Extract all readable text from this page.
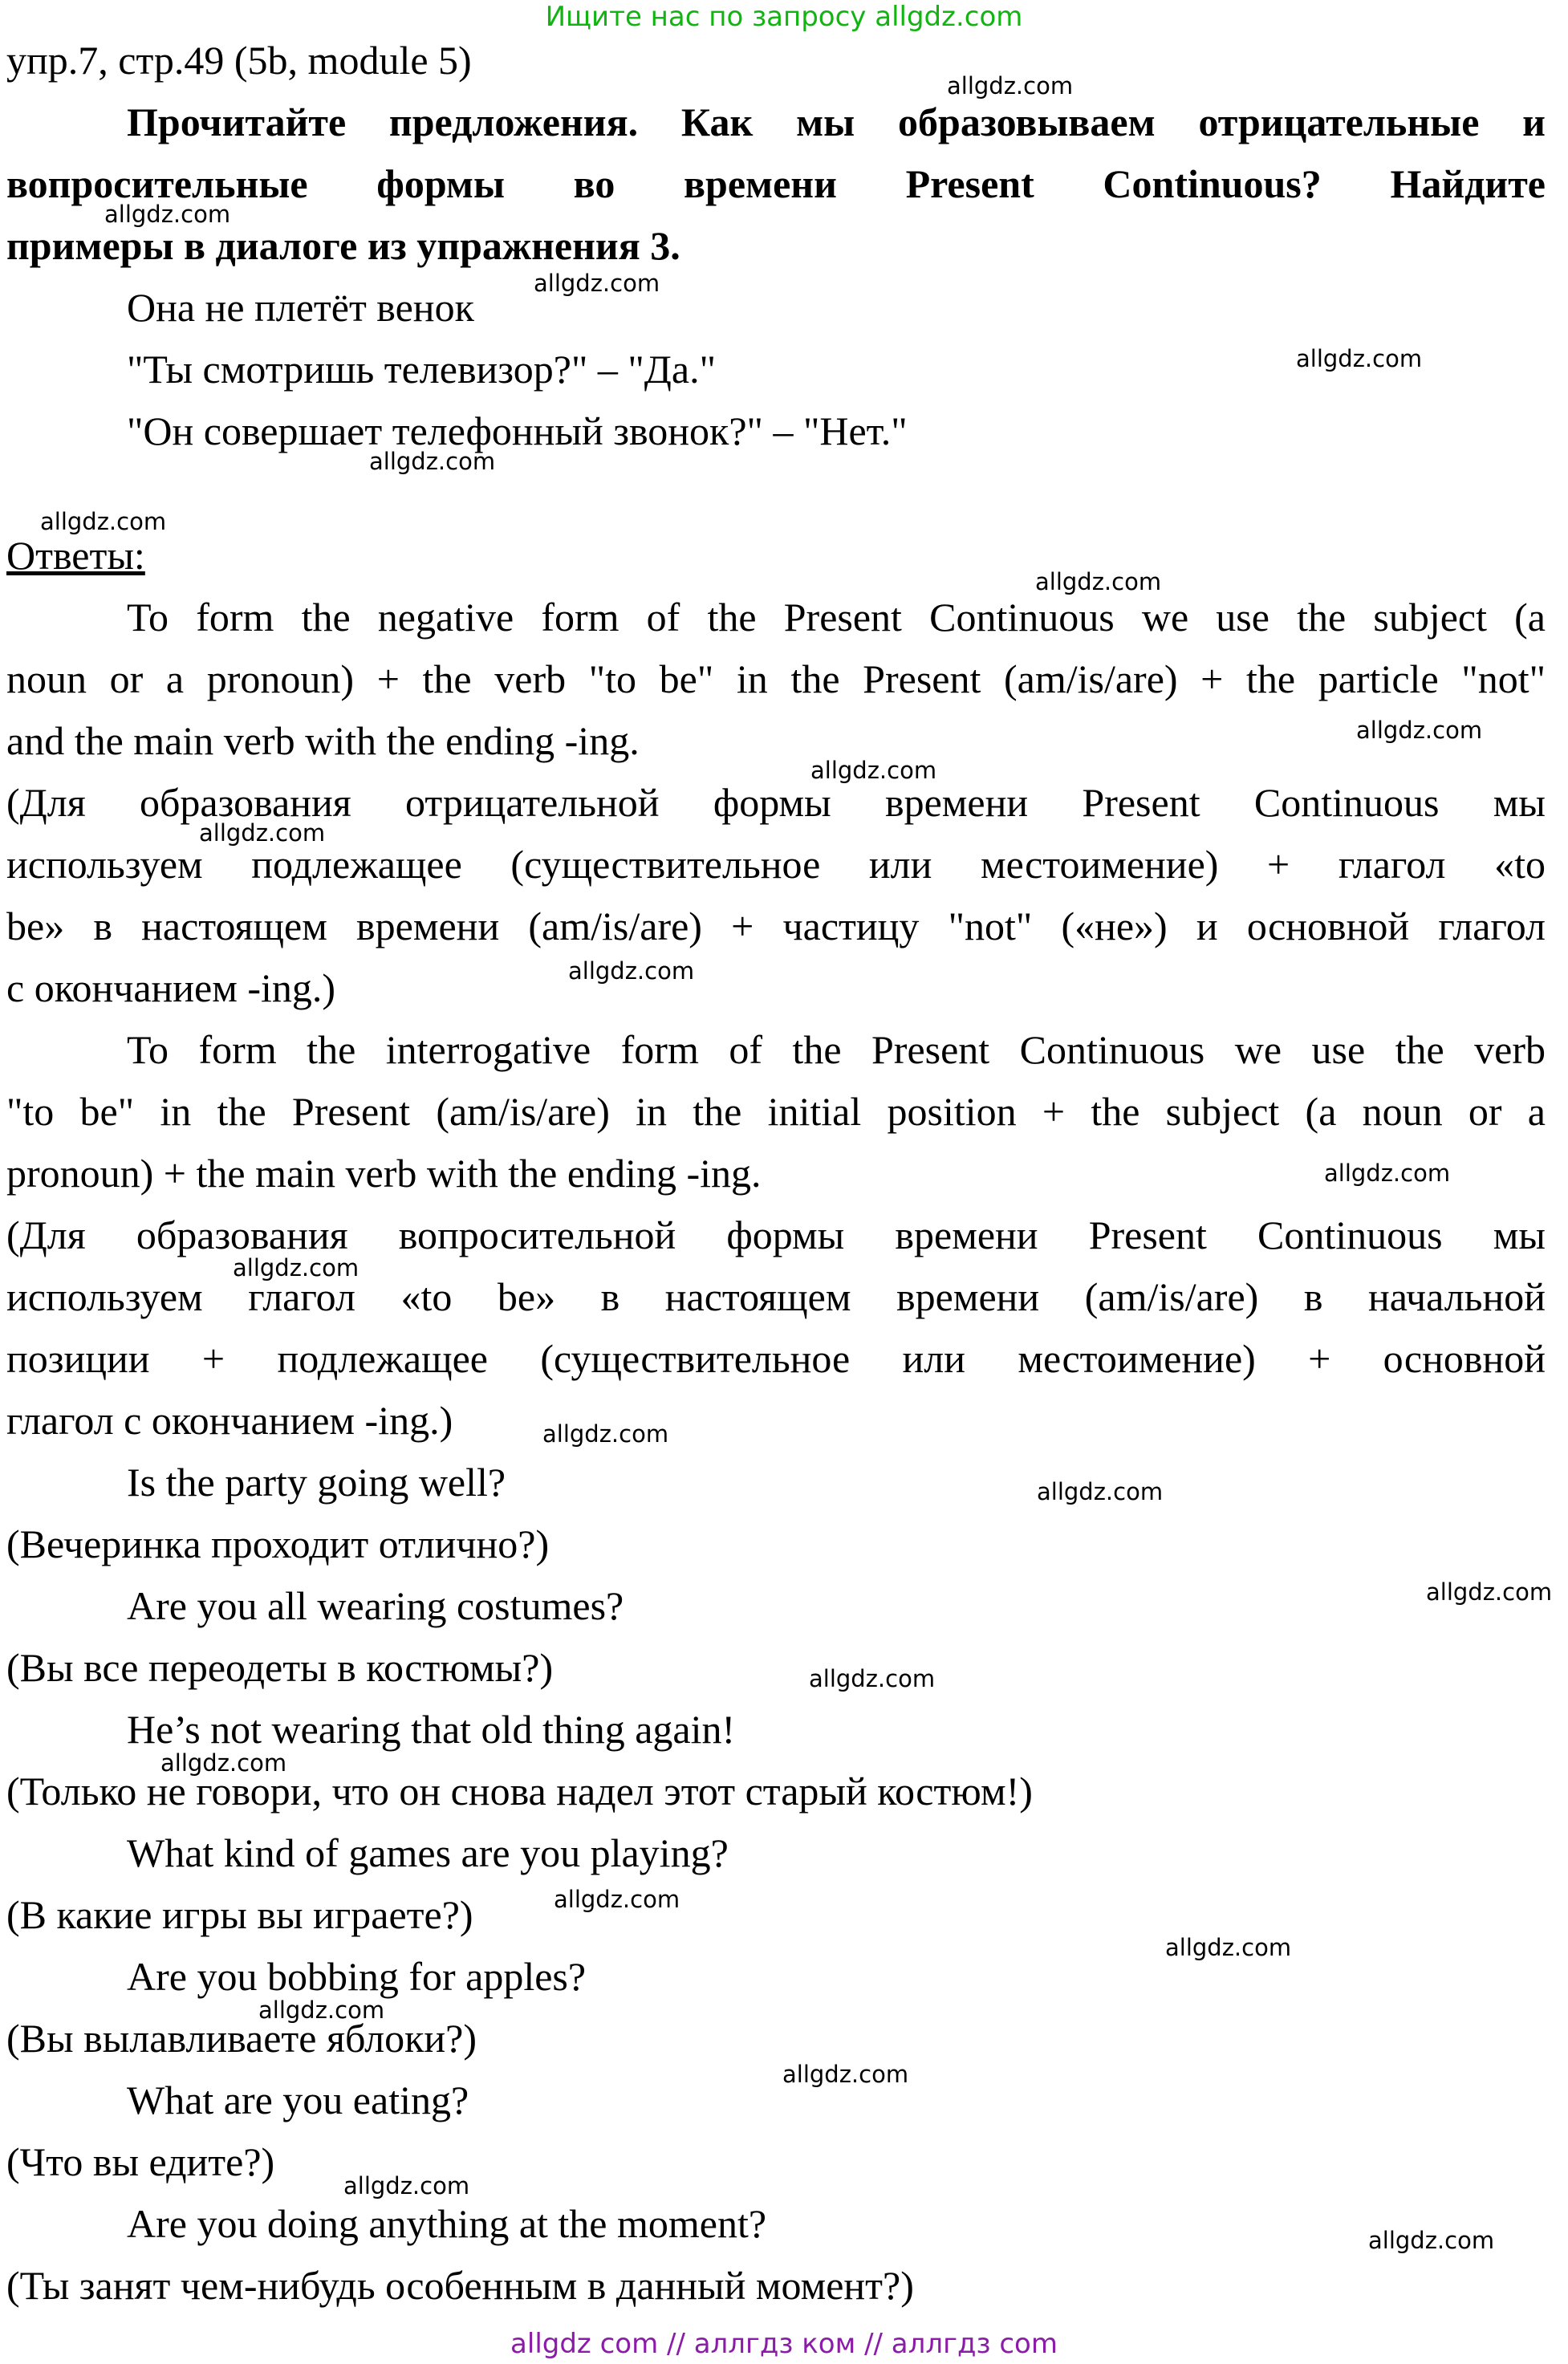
Ищите нас по запросу allgdz.com
упр.7, стр.49 (5b, module 5)
Прочитайте предложения. Как мы образовываем отрицательные и
вопросительные формы во времени Present Continuous? Найдите
примеры в диалоге из упражнения 3.
Она не плетёт венок
"Ты смотришь телевизор?" – "Да."
"Он совершает телефонный звонок?" – "Нет."
Ответы:
To form the negative form of the Present Continuous we use the subject (a
noun or a pronoun) + the verb "to be" in the Present (am/is/are) + the particle "not"
and the main verb with the ending -ing.
(Для образования отрицательной формы времени Present Continuous мы
используем подлежащее (существительное или местоимение) + глагол «to
be» в настоящем времени (am/is/are) + частицу "not" («не») и основной глагол
с окончанием -ing.)
To form the interrogative form of the Present Continuous we use the verb
"to be" in the Present (am/is/are) in the initial position + the subject (a noun or a
pronoun) + the main verb with the ending -ing.
(Для образования вопросительной формы времени Present Continuous мы
используем глагол «to be» в настоящем времени (am/is/are) в начальной
позиции + подлежащее (существительное или местоимение) + основной
глагол с окончанием -ing.)
Is the party going well?
(Вечеринка проходит отлично?)
Are you all wearing costumes?
(Вы все переодеты в костюмы?)
He’s not wearing that old thing again!
(Только не говори, что он снова надел этот старый костюм!)
What kind of games are you playing?
(В какие игры вы играете?)
Are you bobbing for apples?
(Вы вылавливаете яблоки?)
What are you eating?
(Что вы едите?)
Are you doing anything at the moment?
(Ты занят чем-нибудь особенным в данный момент?)
allgdz.com
allgdz.com
allgdz.com
allgdz.com
allgdz.com
allgdz.com
allgdz.com
allgdz.com
allgdz.com
allgdz.com
allgdz.com
allgdz.com
allgdz.com
allgdz.com
allgdz.com
allgdz.com
allgdz.com
allgdz.com
allgdz.com
allgdz.com
allgdz.com
allgdz.com
allgdz.com
allgdz.com
allgdz com // аллгдз ком // аллгдз com
